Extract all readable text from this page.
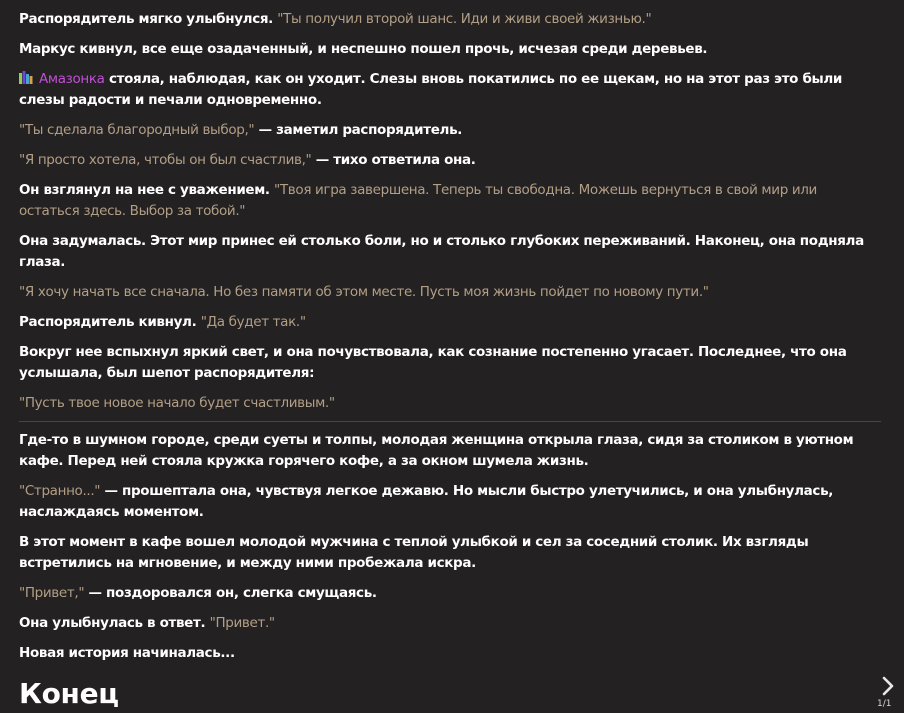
Распорядитель мягко улыбнулся. "Ты получил второй шанс. Иди и живи своей жизнью."

Маркус кивнул, все еще озадаченный, и неспешно пошел прочь, исчезая среди деревьев.

Амазонка стояла, наблюдая, как он уходит. Слезы вновь покатились по ее щекам, но на этот раз это были слезы радости и печали одновременно.

"Ты сделала благородный выбор," — заметил распорядитель.

"Я просто хотела, чтобы он был счастлив," — тихо ответила она.

Он взглянул на нее с уважением. "Твоя игра завершена. Теперь ты свободна. Можешь вернуться в свой мир или остаться здесь. Выбор за тобой."

Она задумалась. Этот мир принес ей столько боли, но и столько глубоких переживаний. Наконец, она подняла глаза.

"Я хочу начать все сначала. Но без памяти об этом месте. Пусть моя жизнь пойдет по новому пути."

Распорядитель кивнул. "Да будет так."

Вокруг нее вспыхнул яркий свет, и она почувствовала, как сознание постепенно угасает. Последнее, что она услышала, был шепот распорядителя:

"Пусть твое новое начало будет счастливым."

Где-то в шумном городе, среди суеты и толпы, молодая женщина открыла глаза, сидя за столиком в уютном кафе. Перед ней стояла кружка горячего кофе, а за окном шумела жизнь.

"Странно..." — прошептала она, чувствуя легкое дежавю. Но мысли быстро улетучились, и она улыбнулась, наслаждаясь моментом.

В этот момент в кафе вошел молодой мужчина с теплой улыбкой и сел за соседний столик. Их взгляды встретились на мгновение, и между ними пробежала искра.

"Привет," — поздоровался он, слегка смущаясь.

Она улыбнулась в ответ. "Привет."

Новая история начиналась...

Конец	1/1
